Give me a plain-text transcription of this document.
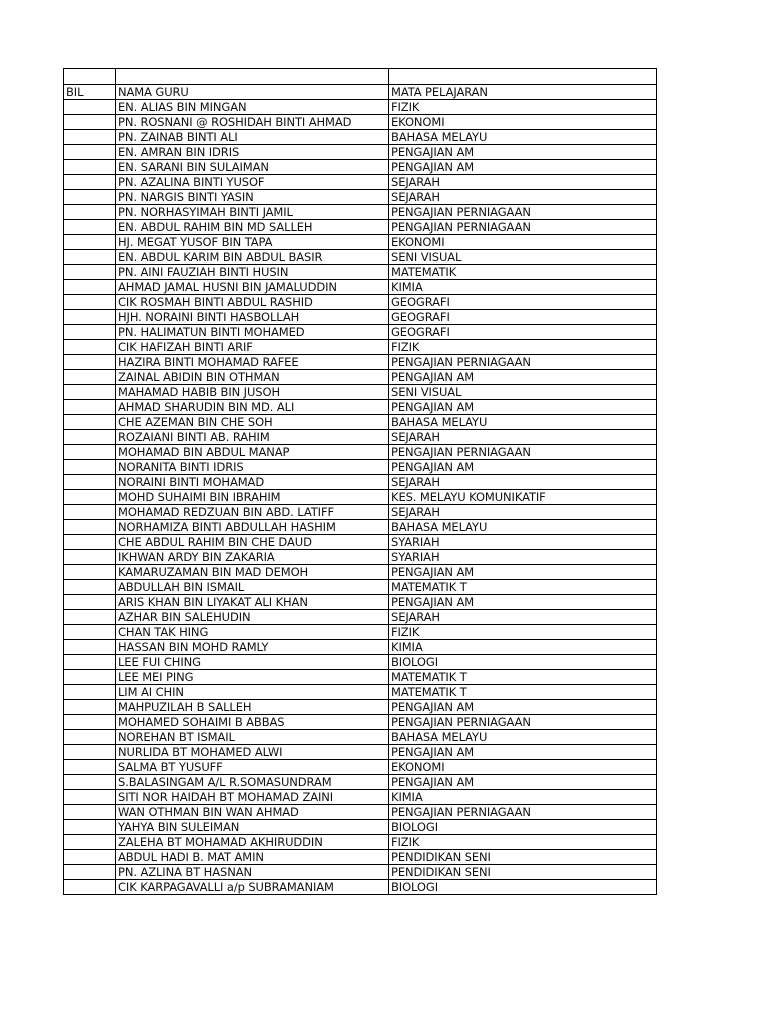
BIL	NAMA GURU	MATA PELAJARAN
	EN. ALIAS BIN MINGAN	FIZIK
	PN. ROSNANI @ ROSHIDAH BINTI AHMAD	EKONOMI
	PN. ZAINAB BINTI ALI	BAHASA MELAYU
	EN. AMRAN BIN IDRIS	PENGAJIAN AM
	EN. SARANI BIN SULAIMAN	PENGAJIAN AM
	PN. AZALINA BINTI YUSOF	SEJARAH
	PN. NARGIS BINTI YASIN	SEJARAH
	PN. NORHASYIMAH BINTI JAMIL	PENGAJIAN PERNIAGAAN
	EN. ABDUL RAHIM BIN MD SALLEH	PENGAJIAN PERNIAGAAN
	HJ. MEGAT YUSOF BIN TAPA	EKONOMI
	EN. ABDUL KARIM BIN ABDUL BASIR	SENI VISUAL
	PN. AINI FAUZIAH BINTI HUSIN	MATEMATIK
	AHMAD JAMAL HUSNI BIN JAMALUDDIN	KIMIA
	CIK ROSMAH BINTI ABDUL RASHID	GEOGRAFI
	HJH. NORAINI BINTI HASBOLLAH	GEOGRAFI
	PN. HALIMATUN BINTI MOHAMED	GEOGRAFI
	CIK HAFIZAH BINTI ARIF	FIZIK
	HAZIRA BINTI MOHAMAD RAFEE	PENGAJIAN PERNIAGAAN
	ZAINAL ABIDIN BIN OTHMAN	PENGAJIAN AM
	MAHAMAD HABIB BIN JUSOH	SENI VISUAL
	AHMAD SHARUDIN BIN MD. ALI	PENGAJIAN AM
	CHE AZEMAN BIN CHE SOH	BAHASA MELAYU
	ROZAIANI BINTI AB. RAHIM	SEJARAH
	MOHAMAD BIN ABDUL MANAP	PENGAJIAN PERNIAGAAN
	NORANITA BINTI IDRIS	PENGAJIAN AM
	NORAINI BINTI MOHAMAD	SEJARAH
	MOHD SUHAIMI BIN IBRAHIM	KES. MELAYU KOMUNIKATIF
	MOHAMAD REDZUAN BIN ABD. LATIFF	SEJARAH
	NORHAMIZA BINTI ABDULLAH HASHIM	BAHASA MELAYU
	CHE ABDUL RAHIM BIN CHE DAUD	SYARIAH
	IKHWAN ARDY BIN ZAKARIA	SYARIAH
	KAMARUZAMAN BIN MAD DEMOH	PENGAJIAN AM
	ABDULLAH BIN ISMAIL	MATEMATIK T
	ARIS KHAN BIN LIYAKAT ALI KHAN	PENGAJIAN AM
	AZHAR BIN SALEHUDIN	SEJARAH
	CHAN TAK HING	FIZIK
	HASSAN BIN MOHD RAMLY	KIMIA
	LEE FUI CHING	BIOLOGI
	LEE MEI PING	MATEMATIK T
	LIM AI CHIN	MATEMATIK T
	MAHPUZILAH B SALLEH	PENGAJIAN AM
	MOHAMED SOHAIMI B ABBAS	PENGAJIAN PERNIAGAAN
	NOREHAN BT ISMAIL	BAHASA MELAYU
	NURLIDA BT MOHAMED ALWI	PENGAJIAN AM
	SALMA BT YUSUFF	EKONOMI
	S.BALASINGAM A/L R.SOMASUNDRAM	PENGAJIAN AM
	SITI NOR HAIDAH BT MOHAMAD ZAINI	KIMIA
	WAN OTHMAN BIN WAN AHMAD	PENGAJIAN PERNIAGAAN
	YAHYA BIN SULEIMAN	BIOLOGI
	ZALEHA BT MOHAMAD AKHIRUDDIN	FIZIK
	ABDUL HADI B. MAT AMIN	PENDIDIKAN SENI
	PN. AZLINA BT HASNAN	PENDIDIKAN SENI
	CIK KARPAGAVALLI a/p SUBRAMANIAM	BIOLOGI
